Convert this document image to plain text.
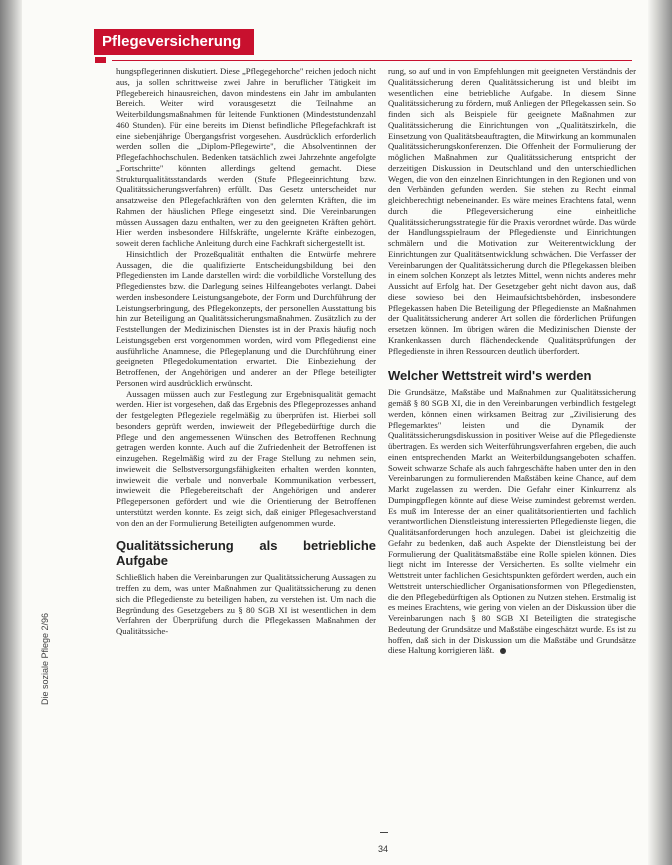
Pflegeversicherung

hungspflegerinnen diskutiert. Diese „Pflegegehorche" reichen jedoch nicht aus, ja sollen schrittweise zwei Jahre in beruflicher Tätigkeit im Pflegebereich hinausreichen, davon mindestens ein Jahr im ambulanten Bereich. Weiter wird vorausgesetzt die Teilnahme an Weiterbildungsmaßnahmen für leitende Funktionen (Mindeststundenzahl 460 Stunden). Für eine bereits im Dienst befindliche Pflegefachkraft ist eine siebenjährige Übergangsfrist vorgesehen. Ausdrücklich erforderlich werden sollen die „Diplom-Pflegewirte", die Absolventinnen der Pflegefachhochschulen. Bedenken tatsächlich zwei Jahrzehnte angefolgte „Fortschritte" könnten allerdings geltend gemacht. Diese Strukturqualitätsstandards werden (Stufe Pflegeeinrichtung bzw. Qualitätssicherungsverfahren) erfüllt. Das Gesetz unterscheidet nur ansatzweise den Pflegefachkräften von den gelernten Kräften, die im Rahmen der häuslichen Pflege eingesetzt sind. Die Vereinbarungen müssen Aussagen dazu enthalten, wer zu den geeigneten Kräften gehört. Hier werden insbesondere Hilfskräfte, ungelernte Kräfte einbezogen, soweit deren fachliche Anleitung durch eine Fachkraft sichergestellt ist.

Hinsichtlich der Prozeßqualität enthalten die Entwürfe mehrere Aussagen, die die qualifizierte Entscheidungsbildung bei den Pflegediensten im Lande darstellen wird: die vorbildliche Vorstellung des Pflegedienstes bzw. die Darlegung seines Hilfeangebotes verlangt. Dabei werden insbesondere Leistungsangebote, der Form und Durchführung der Leistungserbringung, des Pflegekonzepts, der personellen Ausstattung bis hin zur Beteiligung an Qualitätssicherungsmaßnahmen. Zusätzlich zu der Feststellungen der Medizinischen Dienstes ist in der Praxis häufig noch Leistungsgeben erst vorgenommen worden, wird vom Pflegedienst eine ausführliche Anamnese, die Pflegeplanung und die Durchführung einer geeigneten Pflegedokumentation erwartet. Die Einbeziehung der Betroffenen, der Angehörigen und anderer an der Pflege beteiligter Personen wird ausdrücklich erwünscht.

Aussagen müssen auch zur Festlegung zur Ergebnisqualität gemacht werden. Hier ist vorgesehen, daß das Ergebnis des Pflegeprozesses anhand der festgelegten Pflegeziele regelmäßig zu überprüfen ist. Hierbei soll besonders geprüft werden, inwieweit der Pflegebedürftige durch die Pflege und den angemessenen Wünschen des Betroffenen Rechnung getragen werden konnte. Auch auf die Zufriedenheit der Betroffenen ist einzugehen. Regelmäßig wird zu der Frage Stellung zu nehmen sein, inwieweit die Selbstversorgungsfähigkeiten erhalten werden konnten, inwieweit die verbale und nonverbale Kommunikation verbessert, inwieweit die Pflegebereitschaft der Angehörigen und anderer Pflegepersonen gefördert und wie die Orientierung der Betroffenen unterstützt werden konnte. Es zeigt sich, daß einiger Pflegesachverstand von den an der Formulierung Beteiligten aufgenommen wurde.

Qualitätssicherung als betriebliche Aufgabe

Schließlich haben die Vereinbarungen zur Qualitätssicherung Aussagen zu treffen zu dem, was unter Maßnahmen zur Qualitätssicherung zu denen sich die Pflegedienste zu beteiligen haben, zu verstehen ist. Um nach die Begründung des Gesetzgebers zu § 80 SGB XI ist wesentlichen in dem Verfahren der Überprüfung durch die Pflegekassen Maßnahmen der Qualitätssiche-

rung, so auf und in von Empfehlungen mit geeigneten Verständnis der Qualitätssicherung deren Qualitätssicherung ist und bleibt im wesentlichen eine betriebliche Aufgabe. In diesem Sinne Qualitätssicherung zu fördern, muß Anliegen der Pflegekassen sein. So finden sich als Beispiele für geeignete Maßnahmen zur Qualitätssicherung die Einrichtungen von „Qualitätszirkeln, die Einsetzung von Qualitätsbeauftragten, die Mitwirkung an kommunalen Qualitätssicherungskonferenzen. Die Offenheit der Formulierung der möglichen Maßnahmen zur Qualitätssicherung entspricht der derzeitigen Diskussion in Deutschland und den unterschiedlichen Wegen, die von den einzelnen Einrichtungen in den Regionen und von den Verbänden gefunden werden. Sie stehen zu Recht einmal gleichberechtigt nebeneinander. Es wäre meines Erachtens fatal, wenn durch die Pflegeversicherung eine einheitliche Qualitätssicherungsstrategie für die Praxis verordnet würde. Das würde der Handlungsspielraum der Pflegedienste und Einrichtungen schmälern und die Motivation zur Weiterentwicklung der Einrichtungen zur Qualitätsentwicklung schwächen. Die Verfasser der Vereinbarungen der Qualitätssicherung durch die Pflegekassen bleiben in einem solchen Konzept als letztes Mittel, wenn nichts anderes mehr Aussicht auf Erfolg hat. Der Gesetzgeber geht nicht davon aus, daß diese sowieso bei den Heimaufsichtsbehörden, insbesondere Pflegekassen haben Die Beteiligung der Pflegedienste an Maßnahmen der Qualitätssicherung anderer Art sollen die förderlichen Prüfungen ersetzen können. Im übrigen wären die Medizinischen Dienste der Krankenkassen durch flächendeckende Qualitätsprüfungen der Pflegedienste in ihren Ressourcen deutlich überfordert.

Welcher Wettstreit wird's werden

Die Grundsätze, Maßstäbe und Maßnahmen zur Qualitätssicherung gemäß § 80 SGB XI, die in den Vereinbarungen verbindlich festgelegt werden, können einen wirksamen Beitrag zur „Zivilisierung des Pflegemarktes" leisten und die Dynamik der Qualitätssicherungsdiskussion in positiver Weise auf die Pflegedienste übertragen. Es werden sich Weiterführungsverfahren ergeben, die auch einen entsprechenden Markt an Weiterbildungsangeboten schaffen. Soweit schwarze Schafe als auch fahrgeschäfte haben unter den in den Vereinbarungen zu formulierenden Maßstäben keine Chance, auf dem Markt zugelassen zu werden. Die Gefahr einer Kinkurrenz als Dumpingpflegen könnte auf diese Weise zumindest gebremst werden. Es muß im Interesse der an einer qualitätsorientierten und fachlich verantwortlichen Dienstleistung interessierten Pflegedienste liegen, die Qualitätsanforderungen hoch anzulegen. Dabei ist gleichzeitig die Gefahr zu bedenken, daß auch Aspekte der Dienstleistung bei der Formulierung der Qualitätsmaßstäbe eine Rolle spielen können. Dies liegt nicht im Interesse der Versicherten. Es sollte vielmehr ein Wettstreit unter fachlichen Gesichtspunkten gefördert werden, auch ein Wettstreit unterschiedlicher Organisationsformen von Pflegediensten, die den Pflegebedürftigen als Optionen zu Nutzen stehen. Erstmalig ist es meines Erachtens, wie gering von vielen an der Diskussion über die Vereinbarungen nach § 80 SGB XI Beteiligten die strategische Bedeutung der Grundsätze und Maßstäbe eingeschätzt wurde. Es ist zu hoffen, daß sich in der Diskussion um die Maßstäbe und Grundsätze diese Haltung korrigieren läßt.

Die soziale Pflege 2/96
34
